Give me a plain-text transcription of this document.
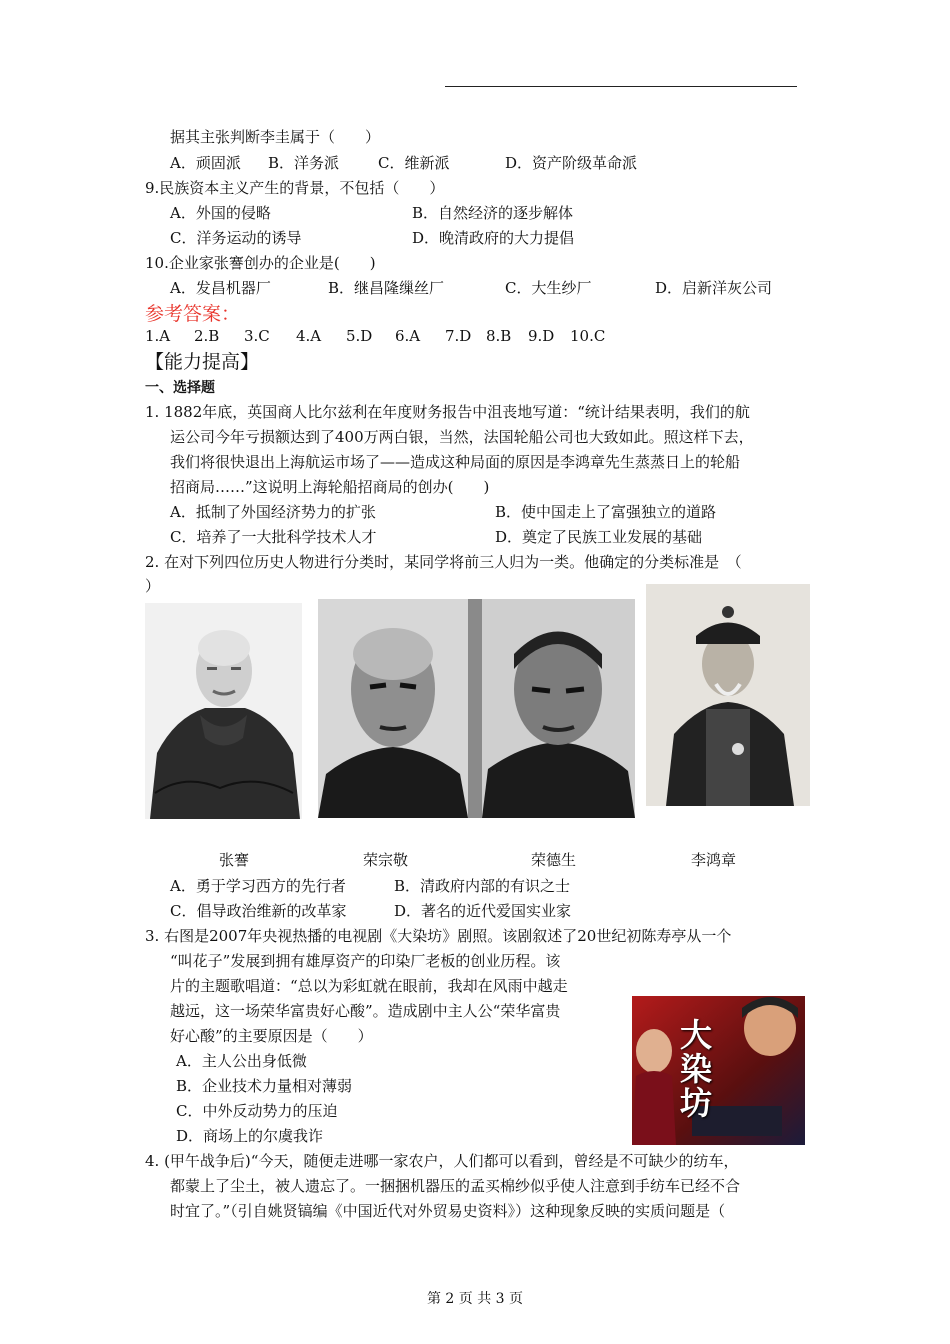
据其主张判断李圭属于（　　）
A．顽固派 B．洋务派	C．维新派	D．资产阶级革命派
9.民族资本主义产生的背景，不包括（　　）
A．外国的侵略	B．自然经济的逐步解体
C．洋务运动的诱导	D．晚清政府的大力提倡
10.企业家张謇创办的企业是(　　)
A．发昌机器厂	B．继昌隆缫丝厂	C．大生纱厂	D．启新洋灰公司
参考答案：
1.A 2.B 3.C 4.A 5.D 6.A 7.D 8.B 9.D 10.C
【能力提高】
一、选择题
1. 1882年底，英国商人比尔兹利在年度财务报告中沮丧地写道：“统计结果表明，我们的航
运公司今年亏损额达到了400万两白银，当然，法国轮船公司也大致如此。照这样下去，
我们将很快退出上海航运市场了——造成这种局面的原因是李鸿章先生蒸蒸日上的轮船
招商局……”这说明上海轮船招商局的创办(　　)
A．抵制了外国经济势力的扩张	B．使中国走上了富强独立的道路
C．培养了一大批科学技术人才	D．奠定了民族工业发展的基础
2. 在对下列四位历史人物进行分类时，某同学将前三人归为一类。他确定的分类标准是　（
）
张謇	荣宗敬	荣德生	李鸿章
A．勇于学习西方的先行者	B．清政府内部的有识之士
C．倡导政治维新的改革家	D．著名的近代爱国实业家
3. 右图是2007年央视热播的电视剧《大染坊》剧照。该剧叙述了20世纪初陈寿亭从一个
“叫花子”发展到拥有雄厚资产的印染厂老板的创业历程。该
片的主题歌唱道：“总以为彩虹就在眼前，我却在风雨中越走
越远，这一场荣华富贵好心酸”。造成剧中主人公“荣华富贵
好心酸”的主要原因是（　　）
A．主人公出身低微
B．企业技术力量相对薄弱
C．中外反动势力的压迫
D．商场上的尔虞我诈
大染坊
4. (甲午战争后)“今天，随便走进哪一家农户，人们都可以看到，曾经是不可缺少的纺车，
都蒙上了尘土，被人遗忘了。一捆捆机器压的孟买棉纱似乎使人注意到手纺车已经不合
时宜了。”（引自姚贤镐编《中国近代对外贸易史资料》）这种现象反映的实质问题是（
第 2 页 共 3 页
